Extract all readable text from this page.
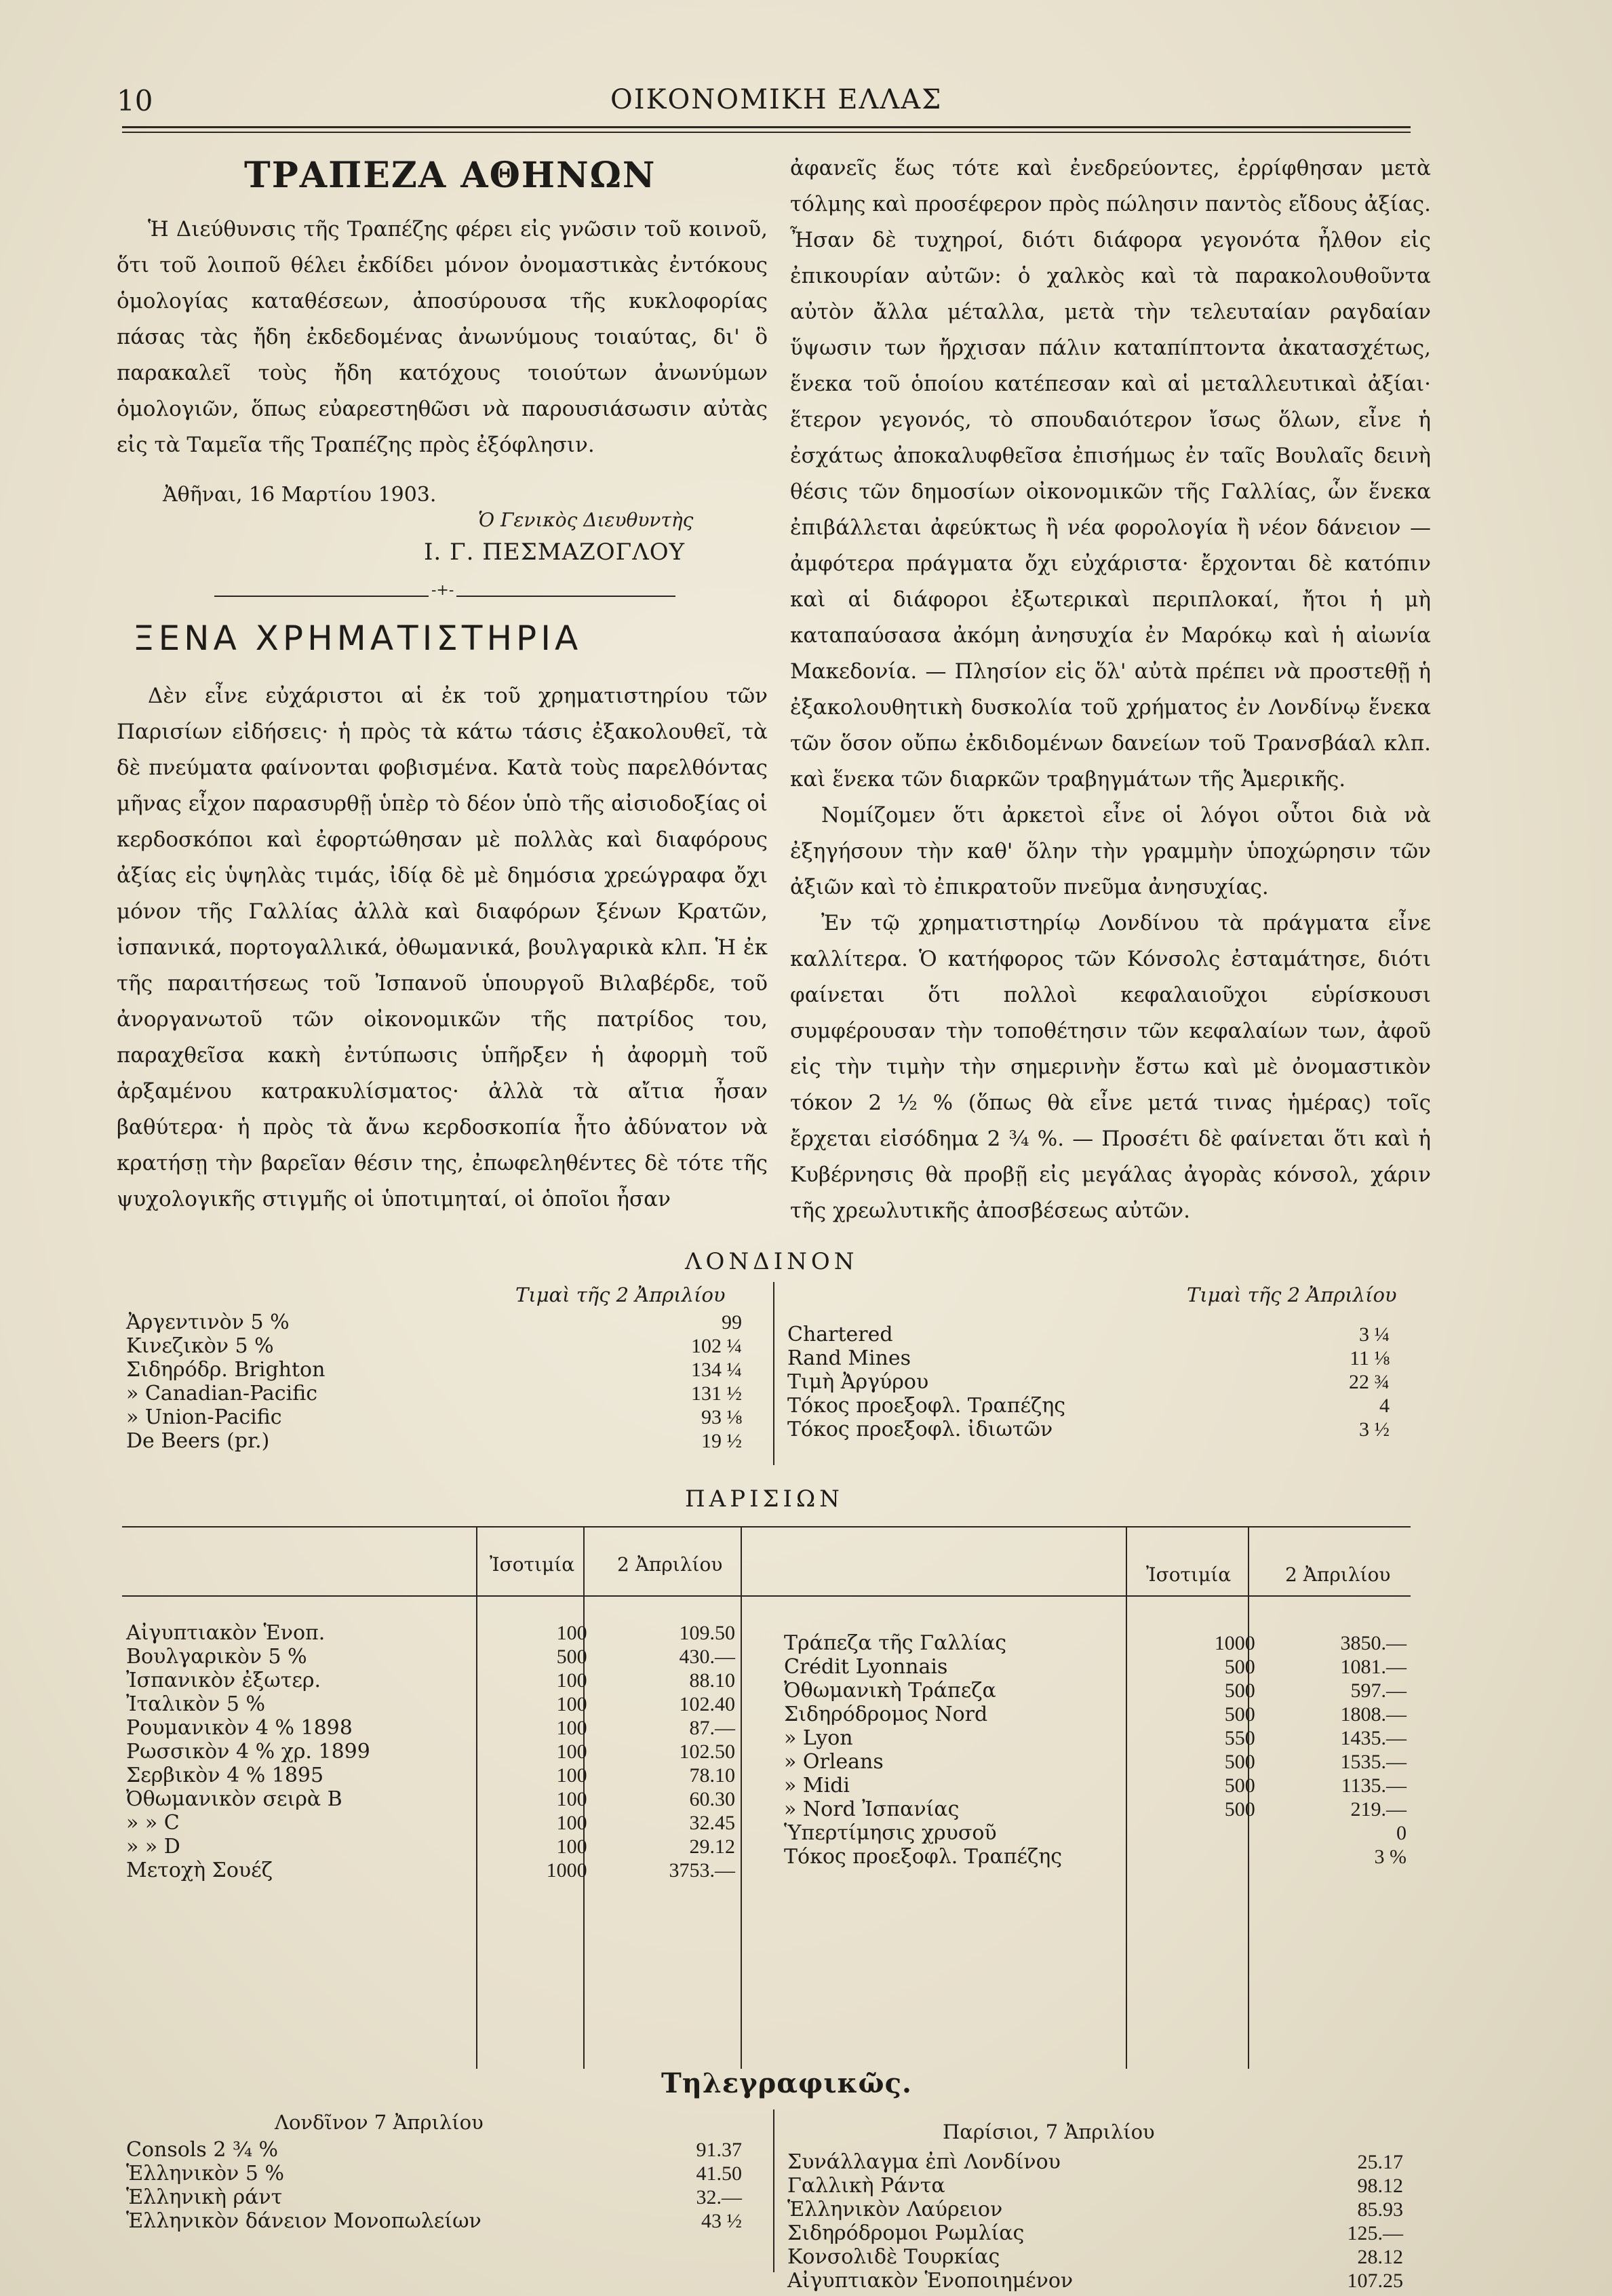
10	ΟΙΚΟΝΟΜΙΚΗ ΕΛΛΑΣ
ΤΡΑΠΕΖΑ ΑΘΗΝΩΝ

Ἡ Διεύθυνσις τῆς Τραπέζης φέρει εἰς γνῶσιν τοῦ κοινοῦ, ὅτι τοῦ λοιποῦ θέλει ἐκδίδει μόνον ὀνομαστικὰς ἐντόκους ὁμολογίας καταθέσεων, ἀποσύρουσα τῆς κυκλοφορίας πάσας τὰς ἤδη ἐκδεδομένας ἀνωνύμους τοιαύτας, δι' ὃ παρακαλεῖ τοὺς ἤδη κατόχους τοιούτων ἀνωνύμων ὁμολογιῶν, ὅπως εὐαρεστηθῶσι νὰ παρουσιάσωσιν αὐτὰς εἰς τὰ Ταμεῖα τῆς Τραπέζης πρὸς ἐξόφλησιν.

Ἀθῆναι, 16 Μαρτίου 1903.
Ὁ Γενικὸς Διευθυντὴς
Ι. Γ. ΠΕΣΜΑΖΟΓΛΟΥ
-+-
ΞΕΝΑ ΧΡΗΜΑΤΙΣΤΗΡΙΑ

Δὲν εἶνε εὐχάριστοι αἱ ἐκ τοῦ χρηματιστηρίου τῶν Παρισίων εἰδήσεις· ἡ πρὸς τὰ κάτω τάσις ἐξακολουθεῖ, τὰ δὲ πνεύματα φαίνονται φοβισμένα. Κατὰ τοὺς παρελθόντας μῆνας εἶχον παρασυρθῇ ὑπὲρ τὸ δέον ὑπὸ τῆς αἰσιοδοξίας οἱ κερδοσκόποι καὶ ἐφορτώθησαν μὲ πολλὰς καὶ διαφόρους ἀξίας εἰς ὑψηλὰς τιμάς, ἰδίᾳ δὲ μὲ δημόσια χρεώγραφα ὄχι μόνον τῆς Γαλλίας ἀλλὰ καὶ διαφόρων ξένων Κρατῶν, ἰσπανικά, πορτογαλλικά, ὀθωμανικά, βουλγαρικὰ κλπ. Ἡ ἐκ τῆς παραιτήσεως τοῦ Ἰσπανοῦ ὑπουργοῦ Βιλαβέρδε, τοῦ ἀνοργανωτοῦ τῶν οἰκονομικῶν τῆς πατρίδος του, παραχθεῖσα κακὴ ἐντύπωσις ὑπῆρξεν ἡ ἀφορμὴ τοῦ ἀρξαμένου κατρακυλίσματος· ἀλλὰ τὰ αἴτια ἦσαν βαθύτερα· ἡ πρὸς τὰ ἄνω κερδοσκοπία ἦτο ἀδύνατον νὰ κρατήσῃ τὴν βαρεῖαν θέσιν της, ἐπωφεληθέντες δὲ τότε τῆς ψυχολογικῆς στιγμῆς οἱ ὑποτιμηταί, οἱ ὁποῖοι ἦσαν

ἀφανεῖς ἕως τότε καὶ ἐνεδρεύοντες, ἐρρίφθησαν μετὰ τόλμης καὶ προσέφερον πρὸς πώλησιν παντὸς εἴδους ἀξίας. Ἦσαν δὲ τυχηροί, διότι διάφορα γεγονότα ἦλθον εἰς ἐπικουρίαν αὐτῶν: ὁ χαλκὸς καὶ τὰ παρακολουθοῦντα αὐτὸν ἄλλα μέταλλα, μετὰ τὴν τελευταίαν ραγδαίαν ὕψωσιν των ἤρχισαν πάλιν καταπίπτοντα ἀκατασχέτως, ἕνεκα τοῦ ὁποίου κατέπεσαν καὶ αἱ μεταλλευτικαὶ ἀξίαι· ἕτερον γεγονός, τὸ σπουδαιότερον ἴσως ὅλων, εἶνε ἡ ἐσχάτως ἀποκαλυφθεῖσα ἐπισήμως ἐν ταῖς Βουλαῖς δεινὴ θέσις τῶν δημοσίων οἰκονομικῶν τῆς Γαλλίας, ὧν ἕνεκα ἐπιβάλλεται ἀφεύκτως ἢ νέα φορολογία ἢ νέον δάνειον — ἀμφότερα πράγματα ὄχι εὐχάριστα· ἔρχονται δὲ κατόπιν καὶ αἱ διάφοροι ἐξωτερικαὶ περιπλοκαί, ἤτοι ἡ μὴ καταπαύσασα ἀκόμη ἀνησυχία ἐν Μαρόκῳ καὶ ἡ αἰωνία Μακεδονία. — Πλησίον εἰς ὅλ' αὐτὰ πρέπει νὰ προστεθῇ ἡ ἐξακολουθητικὴ δυσκολία τοῦ χρήματος ἐν Λονδίνῳ ἕνεκα τῶν ὅσον οὔπω ἐκδιδομένων δανείων τοῦ Τρανσβάαλ κλπ. καὶ ἕνεκα τῶν διαρκῶν τραβηγμάτων τῆς Ἀμερικῆς.

Νομίζομεν ὅτι ἀρκετοὶ εἶνε οἱ λόγοι οὗτοι διὰ νὰ ἐξηγήσουν τὴν καθ' ὅλην τὴν γραμμὴν ὑποχώρησιν τῶν ἀξιῶν καὶ τὸ ἐπικρατοῦν πνεῦμα ἀνησυχίας.

Ἐν τῷ χρηματιστηρίῳ Λονδίνου τὰ πράγματα εἶνε καλλίτερα. Ὁ κατήφορος τῶν Κόνσολς ἐσταμάτησε, διότι φαίνεται ὅτι πολλοὶ κεφαλαιοῦχοι εὑρίσκουσι συμφέρουσαν τὴν τοποθέτησιν τῶν κεφαλαίων των, ἀφοῦ εἰς τὴν τιμὴν τὴν σημερινὴν ἔστω καὶ μὲ ὀνομαστικὸν τόκον 2 ½ % (ὅπως θὰ εἶνε μετά τινας ἡμέρας) τοῖς ἔρχεται εἰσόδημα 2 ¾ %. — Προσέτι δὲ φαίνεται ὅτι καὶ ἡ Κυβέρνησις θὰ προβῇ εἰς μεγάλας ἀγορὰς κόνσολ, χάριν τῆς χρεωλυτικῆς ἀποσβέσεως αὐτῶν.

ΛΟΝΔΙΝΟΝ
Τιμαὶ τῆς 2 Ἀπριλίου	Τιμαὶ τῆς 2 Ἀπριλίου
Ἀργεντινὸν 5 %	99
Κινεζικὸν 5 %	102 ¼
Σιδηρόδρ. Brighton	134 ¼
» Canadian-Pacific	131 ½
» Union-Pacific	93 ⅛
De Beers (pr.)	19 ½
Chartered	3 ¼
Rand Mines	11 ⅛
Τιμὴ Ἀργύρου	22 ¾
Τόκος προεξοφλ. Τραπέζης	4
Τόκος προεξοφλ. ἰδιωτῶν	3 ½
ΠΑΡΙΣΙΩΝ
Ἰσοτιμία 2 Ἀπριλίου	Ἰσοτιμία	2 Ἀπριλίου
Αἰγυπτιακὸν Ἑνοπ.	100	109.50
Βουλγαρικὸν 5 %	500	430.—
Ἰσπανικὸν ἐξωτερ.	100	88.10
Ἰταλικὸν 5 %	100	102.40
Ρουμανικὸν 4 % 1898	100	87.—
Ρωσσικὸν 4 % χρ. 1899	100	102.50
Σερβικὸν 4 % 1895	100	78.10
Ὀθωμανικὸν σειρὰ B	100	60.30
» » C	100	32.45
» » D	100	29.12
Μετοχὴ Σουέζ	1000	3753.—
Τράπεζα τῆς Γαλλίας	1000	3850.—
Crédit Lyonnais	500	1081.—
Ὀθωμανικὴ Τράπεζα	500	597.—
Σιδηρόδρομος Nord	500	1808.—
» Lyon	550	1435.—
» Orleans	500	1535.—
» Midi	500	1135.—
» Nord Ἰσπανίας	500	219.—
Ὑπερτίμησις χρυσοῦ		0
Τόκος προεξοφλ. Τραπέζης		3 %
Τηλεγραφικῶς.
Λονδῖνον 7 Ἀπριλίου	Παρίσιοι, 7 Ἀπριλίου
Consols 2 ¾ %	91.37
Ἑλληνικὸν 5 %	41.50
Ἑλληνικὴ ράντ	32.—
Ἑλληνικὸν δάνειον Μονοπωλείων	43 ½
Συνάλλαγμα ἐπὶ Λονδίνου	25.17
Γαλλικὴ Ράντα	98.12
Ἑλληνικὸν Λαύρειον	85.93
Σιδηρόδρομοι Ρωμλίας	125.—
Κονσολιδὲ Τουρκίας	28.12
Αἰγυπτιακὸν Ἑνοποιημένον	107.25
